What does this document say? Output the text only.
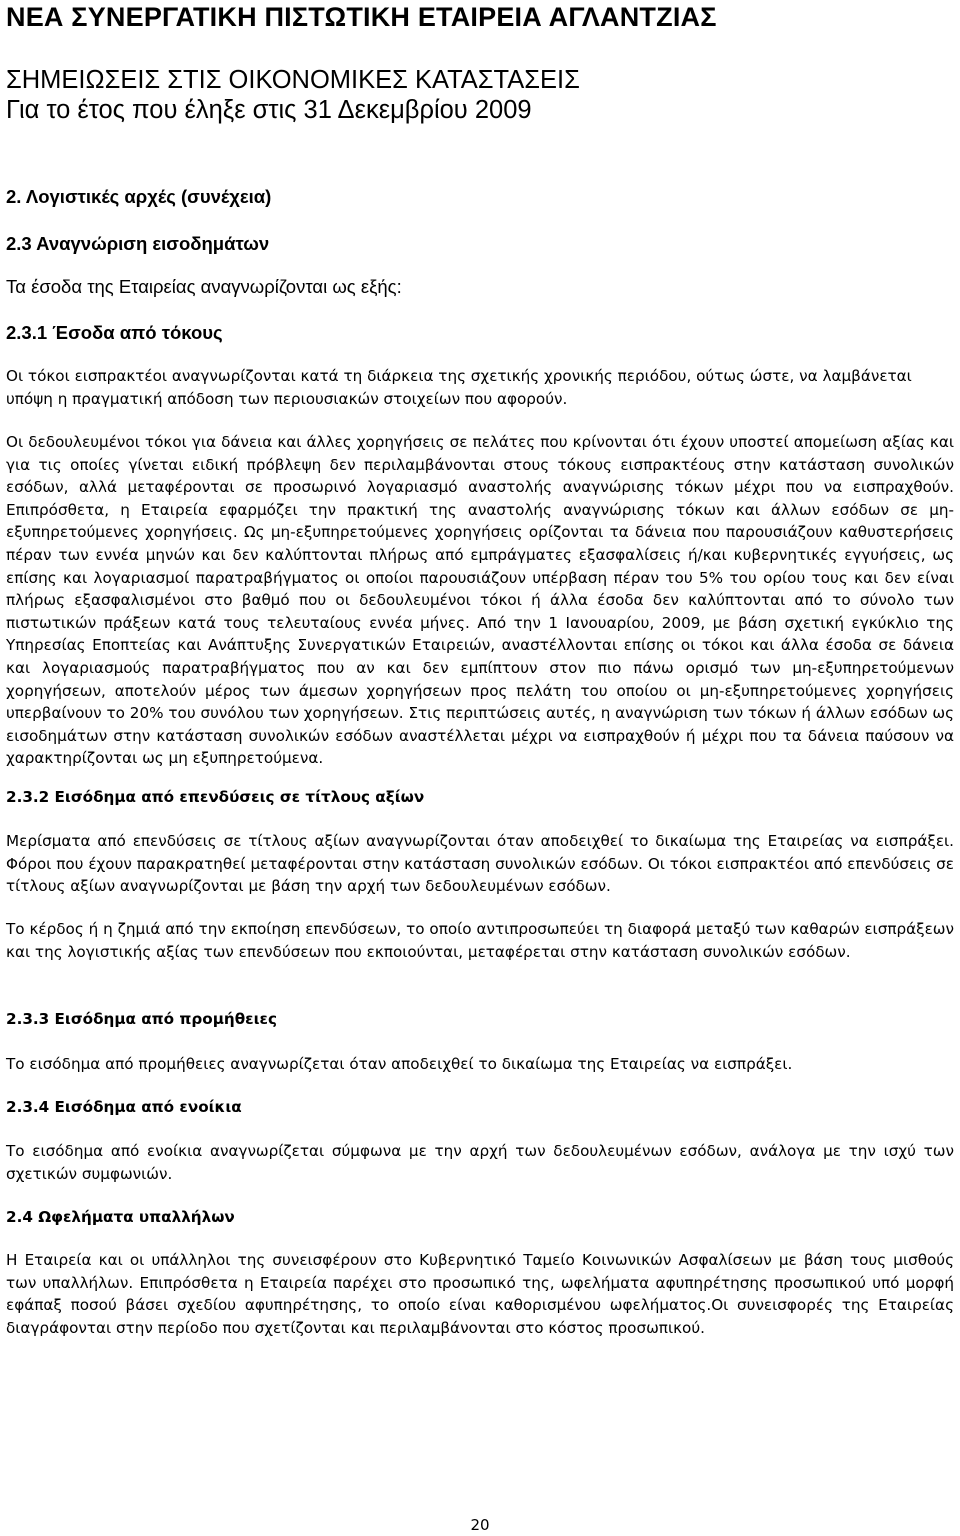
ΝΕΑ ΣΥΝΕΡΓΑΤΙΚΗ ΠΙΣΤΩΤΙΚΗ ΕΤΑΙΡΕΙΑ ΑΓΛΑΝΤΖΙΑΣ

ΣΗΜΕΙΩΣΕΙΣ ΣΤΙΣ ΟΙΚΟΝΟΜΙΚΕΣ ΚΑΤΑΣΤΑΣΕΙΣ

Για το έτος που έληξε στις 31 Δεκεμβρίου 2009

2. Λογιστικές αρχές (συνέχεια)

2.3 Αναγνώριση εισοδημάτων

Τα έσοδα της Εταιρείας αναγνωρίζονται ως εξής:

2.3.1 Έσοδα από τόκους

Οι τόκοι εισπρακτέοι αναγνωρίζονται κατά τη διάρκεια της σχετικής χρονικής περιόδου, ούτως ώστε, να λαμβάνεται υπόψη η πραγματική απόδοση των περιουσιακών στοιχείων που αφορούν.

Οι δεδουλευμένοι τόκοι για δάνεια και άλλες χορηγήσεις σε πελάτες που κρίνονται ότι έχουν υποστεί απομείωση αξίας και για τις οποίες γίνεται ειδική πρόβλεψη δεν περιλαμβάνονται στους τόκους εισπρακτέους στην κατάσταση συνολικών εσόδων, αλλά μεταφέρονται σε προσωρινό λογαριασμό αναστολής αναγνώρισης τόκων μέχρι που να εισπραχθούν. Επιπρόσθετα, η Εταιρεία εφαρμόζει την πρακτική της αναστολής αναγνώρισης τόκων και άλλων εσόδων σε μη-εξυπηρετούμενες χορηγήσεις. Ως μη-εξυπηρετούμενες χορηγήσεις ορίζονται τα δάνεια που παρουσιάζουν καθυστερήσεις πέραν των εννέα μηνών και δεν καλύπτονται πλήρως από εμπράγματες εξασφαλίσεις ή/και κυβερνητικές εγγυήσεις, ως επίσης και λογαριασμοί παρατραβήγματος οι οποίοι παρουσιάζουν υπέρβαση πέραν του 5% του ορίου τους και δεν είναι πλήρως εξασφαλισμένοι στο βαθμό που οι δεδουλευμένοι τόκοι ή άλλα έσοδα δεν καλύπτονται από το σύνολο των πιστωτικών πράξεων κατά τους τελευταίους εννέα μήνες. Από την 1 Ιανουαρίου, 2009, με βάση σχετική εγκύκλιο της Υπηρεσίας Εποπτείας και Ανάπτυξης Συνεργατικών Εταιρειών, αναστέλλονται επίσης οι τόκοι και άλλα έσοδα σε δάνεια και λογαριασμούς παρατραβήγματος που αν και δεν εμπίπτουν στον πιο πάνω ορισμό των μη-εξυπηρετούμενων χορηγήσεων, αποτελούν μέρος των άμεσων χορηγήσεων προς πελάτη του οποίου οι μη-εξυπηρετούμενες χορηγήσεις υπερβαίνουν το 20% του συνόλου των χορηγήσεων. Στις περιπτώσεις αυτές, η αναγνώριση των τόκων ή άλλων εσόδων ως εισοδημάτων στην κατάσταση συνολικών εσόδων αναστέλλεται μέχρι να εισπραχθούν ή μέχρι που τα δάνεια παύσουν να χαρακτηρίζονται ως μη εξυπηρετούμενα.

2.3.2 Εισόδημα από επενδύσεις σε τίτλους αξίων

Μερίσματα από επενδύσεις σε τίτλους αξίων αναγνωρίζονται όταν αποδειχθεί το δικαίωμα της Εταιρείας να εισπράξει. Φόροι που έχουν παρακρατηθεί μεταφέρονται στην κατάσταση συνολικών εσόδων. Οι τόκοι εισπρακτέοι από επενδύσεις σε τίτλους αξίων αναγνωρίζονται με βάση την αρχή των δεδουλευμένων εσόδων.

Το κέρδος ή η ζημιά από την εκποίηση επενδύσεων, το οποίο αντιπροσωπεύει τη διαφορά μεταξύ των καθαρών εισπράξεων και της λογιστικής αξίας των επενδύσεων που εκποιούνται, μεταφέρεται στην κατάσταση συνολικών εσόδων.

2.3.3 Εισόδημα από προμήθειες

Το εισόδημα από προμήθειες αναγνωρίζεται όταν αποδειχθεί το δικαίωμα της Εταιρείας να εισπράξει.

2.3.4 Εισόδημα από ενοίκια

Το εισόδημα από ενοίκια αναγνωρίζεται σύμφωνα με την αρχή των δεδουλευμένων εσόδων, ανάλογα με την ισχύ των σχετικών συμφωνιών.

2.4 Ωφελήματα υπαλλήλων

Η Εταιρεία και οι υπάλληλοι της συνεισφέρουν στο Κυβερνητικό Ταμείο Κοινωνικών Ασφαλίσεων με βάση τους μισθούς των υπαλλήλων. Επιπρόσθετα η Εταιρεία παρέχει στο προσωπικό της, ωφελήματα αφυπηρέτησης προσωπικού υπό μορφή εφάπαξ ποσού βάσει σχεδίου αφυπηρέτησης, το οποίο είναι καθορισμένου ωφελήματος.Οι συνεισφορές της Εταιρείας διαγράφονται στην περίοδο που σχετίζονται και περιλαμβάνονται στο κόστος προσωπικού.

20
